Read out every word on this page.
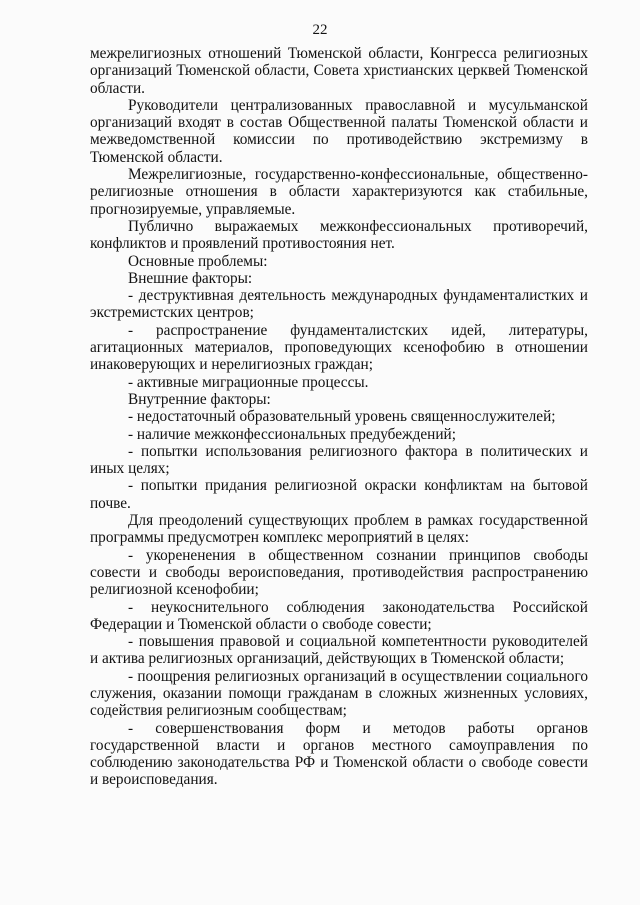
22

межрелигиозных отношений Тюменской области, Конгресса религиозных организаций Тюменской области, Совета христианских церквей Тюменской области.

Руководители централизованных православной и мусульманской организаций входят в состав Общественной палаты Тюменской области и межведомственной комиссии по противодействию экстремизму в Тюменской области.

Межрелигиозные, государственно-конфессиональные, общественно-религиозные отношения в области характеризуются как стабильные, прогнозируемые, управляемые.

Публично выражаемых межконфессиональных противоречий, конфликтов и проявлений противостояния нет.

Основные проблемы:

Внешние факторы:

- деструктивная деятельность международных фундаменталистких и экстремистских центров;

- распространение фундаменталистских идей, литературы, агитационных материалов, проповедующих ксенофобию в отношении инаковерующих и нерелигиозных граждан;

- активные миграционные процессы.

Внутренние факторы:

- недостаточный образовательный уровень священнослужителей;

- наличие межконфессиональных предубеждений;

- попытки использования религиозного фактора в политических и иных целях;

- попытки придания религиозной окраски конфликтам на бытовой почве.

Для преодолений существующих проблем в рамках государственной программы предусмотрен комплекс мероприятий в целях:

- укорененения в общественном сознании принципов свободы совести и свободы вероисповедания, противодействия распространению религиозной ксенофобии;

- неукоснительного соблюдения законодательства Российской Федерации и Тюменской области о свободе совести;

- повышения правовой и социальной компетентности руководителей и актива религиозных организаций, действующих в Тюменской области;

- поощрения религиозных организаций в осуществлении социального служения, оказании помощи гражданам в сложных жизненных условиях, содействия религиозным сообществам;

- совершенствования форм и методов работы органов государственной власти и органов местного самоуправления по соблюдению законодательства РФ и Тюменской области о свободе совести и вероисповедания.
